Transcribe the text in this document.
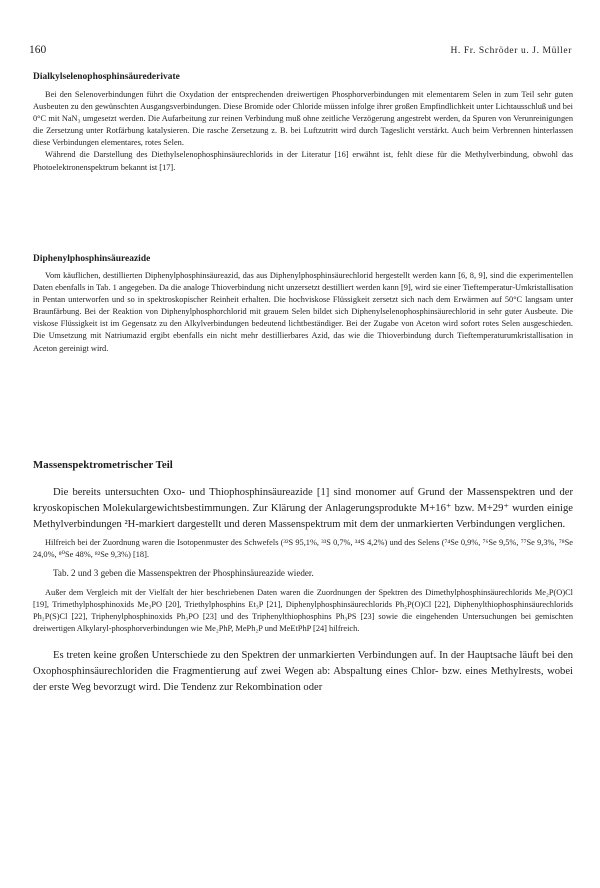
160	H. Fr. Schröder u. J. Müller
Dialkylselenophosphinsäurederivate

Bei den Selenoverbindungen führt die Oxydation der entsprechenden dreiwertigen Phosphorverbindungen mit elementarem Selen in zum Teil sehr guten Ausbeuten zu den gewünschten Ausgangsverbindungen. Diese Bromide oder Chloride müssen infolge ihrer großen Empfindlichkeit unter Lichtausschluß und bei 0°C mit NaN₃ umgesetzt werden. Die Aufarbeitung zur reinen Verbindung muß ohne zeitliche Verzögerung angestrebt werden, da Spuren von Verunreinigungen die Zersetzung unter Rotfärbung katalysieren. Die rasche Zersetzung z. B. bei Luftzutritt wird durch Tageslicht verstärkt. Auch beim Verbrennen hinterlassen diese Verbindungen elementares, rotes Selen.

Während die Darstellung des Diethylselenophosphinsäurechlorids in der Literatur [16] erwähnt ist, fehlt diese für die Methylverbindung, obwohl das Photoelektronenspektrum bekannt ist [17].

Diphenylphosphinsäureazide

Vom käuflichen, destillierten Diphenylphosphinsäureazid, das aus Diphenylphosphinsäurechlorid hergestellt werden kann [6, 8, 9], sind die experimentellen Daten ebenfalls in Tab. 1 angegeben. Da die analoge Thioverbindung nicht unzersetzt destilliert werden kann [9], wird sie einer Tieftemperatur-Umkristallisation in Pentan unterworfen und so in spektroskopischer Reinheit erhalten. Die hochviskose Flüssigkeit zersetzt sich nach dem Erwärmen auf 50°C langsam unter Braunfärbung. Bei der Reaktion von Diphenylphosphorchlorid mit grauem Selen bildet sich Diphenylselenophosphinsäurechlorid in sehr guter Ausbeute. Die viskose Flüssigkeit ist im Gegensatz zu den Alkylverbindungen bedeutend lichtbeständiger. Bei der Zugabe von Aceton wird sofort rotes Selen ausgeschieden. Die Umsetzung mit Natriumazid ergibt ebenfalls ein nicht mehr destillierbares Azid, das wie die Thioverbindung durch Tieftemperaturumkristallisation in Aceton gereinigt wird.

Massenspektrometrischer Teil

Die bereits untersuchten Oxo- und Thiophosphinsäureazide [1] sind monomer auf Grund der Massenspektren und der kryoskopischen Molekulargewichtsbestimmungen. Zur Klärung der Anlagerungsprodukte M+16⁺ bzw. M+29⁺ wurden einige Methylverbindungen ²H-markiert dargestellt und deren Massenspektrum mit dem der unmarkierten Verbindungen verglichen.

Hilfreich bei der Zuordnung waren die Isotopenmuster des Schwefels (³²S 95,1%, ³³S 0,7%, ³⁴S 4,2%) und des Selens (⁷⁴Se 0,9%, ⁷⁶Se 9,5%, ⁷⁷Se 9,3%, ⁷⁸Se 24,0%, ⁸⁰Se 48%, ⁸²Se 9,3%) [18].

Tab. 2 und 3 geben die Massenspektren der Phosphinsäureazide wieder.

Außer dem Vergleich mit der Vielfalt der hier beschriebenen Daten waren die Zuordnungen der Spektren des Dimethylphosphinsäurechlorids Me₂P(O)Cl [19], Trimethylphosphinoxids Me₃PO [20], Triethylphosphins Et₃P [21], Diphenylphosphinsäurechlorids Ph₂P(O)Cl [22], Diphenylthiophosphinsäurechlorids Ph₂P(S)Cl [22], Triphenylphosphinoxids Ph₃PO [23] und des Triphenylthiophosphins Ph₃PS [23] sowie die eingehenden Untersuchungen bei gemischten dreiwertigen Alkylaryl-phosphorverbindungen wie Me₂PhP, MePh₂P und MeEtPhP [24] hilfreich.

Es treten keine großen Unterschiede zu den Spektren der unmarkierten Verbindungen auf. In der Hauptsache läuft bei den Oxophosphinsäurechloriden die Fragmentierung auf zwei Wegen ab: Abspaltung eines Chlor- bzw. eines Methylrests, wobei der erste Weg bevorzugt wird. Die Tendenz zur Rekombination oder
